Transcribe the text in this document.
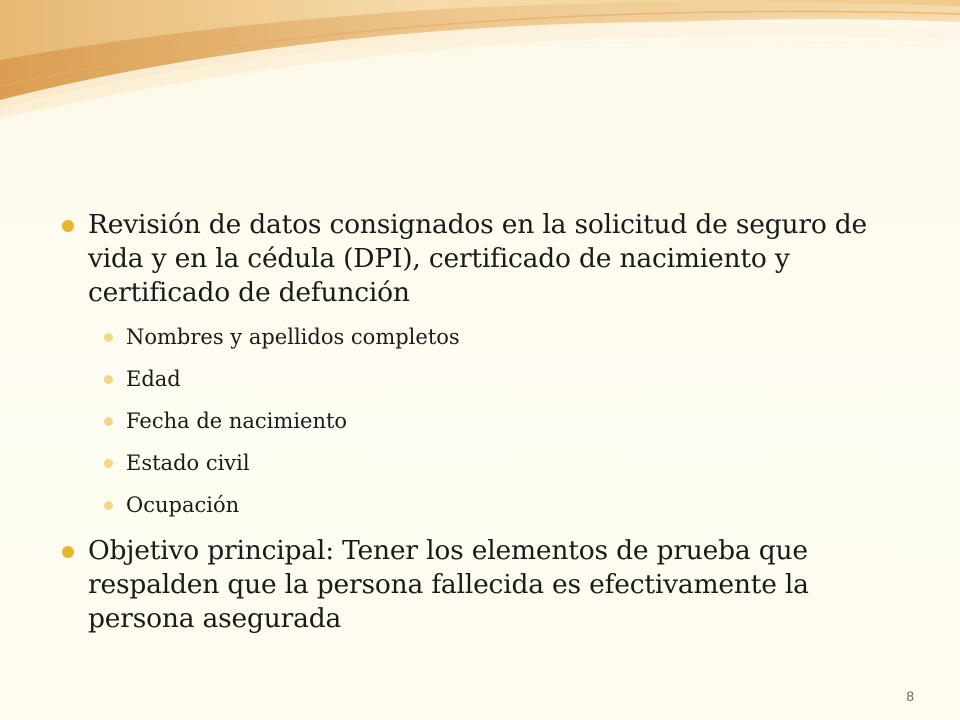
Revisión de datos consignados en la solicitud de seguro de vida y en la cédula (DPI), certificado de nacimiento y certificado de defunción
Nombres y apellidos completos
Edad
Fecha de nacimiento
Estado civil
Ocupación
Objetivo principal: Tener los elementos de prueba que respalden que la persona fallecida es efectivamente la persona asegurada
8
